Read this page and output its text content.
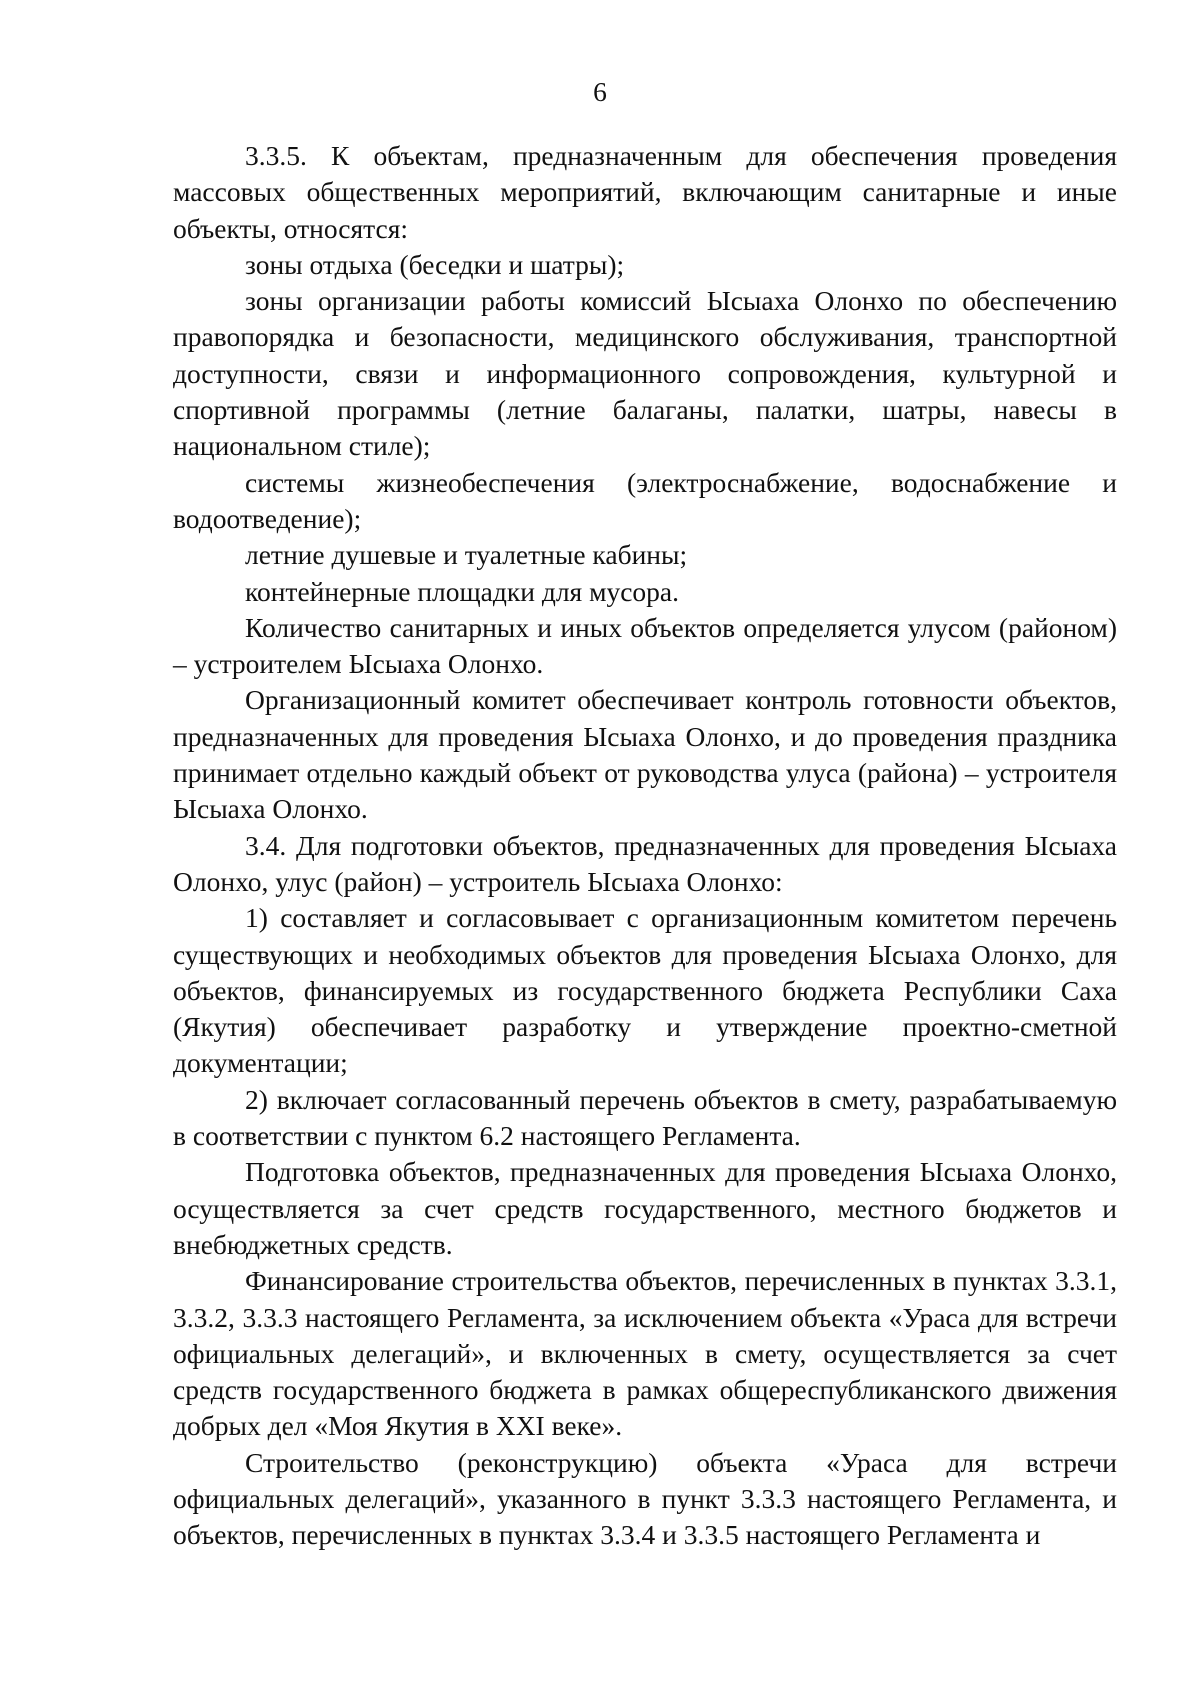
6

3.3.5. К объектам, предназначенным для обеспечения проведения массовых общественных мероприятий, включающим санитарные и иные объекты, относятся:

зоны отдыха (беседки и шатры);

зоны организации работы комиссий Ысыаха Олонхо по обеспечению правопорядка и безопасности, медицинского обслуживания, транспортной доступности, связи и информационного сопровождения, культурной и спортивной программы (летние балаганы, палатки, шатры, навесы в национальном стиле);

системы жизнеобеспечения (электроснабжение, водоснабжение и водоотведение);

летние душевые и туалетные кабины;

контейнерные площадки для мусора.

Количество санитарных и иных объектов определяется улусом (районом) – устроителем Ысыаха Олонхо.

Организационный комитет обеспечивает контроль готовности объектов, предназначенных для проведения Ысыаха Олонхо, и до проведения праздника принимает отдельно каждый объект от руководства улуса (района) – устроителя Ысыаха Олонхо.

3.4. Для подготовки объектов, предназначенных для проведения Ысыаха Олонхо, улус (район) – устроитель Ысыаха Олонхо:

1) составляет и согласовывает с организационным комитетом перечень существующих и необходимых объектов для проведения Ысыаха Олонхо, для объектов, финансируемых из государственного бюджета Республики Саха (Якутия) обеспечивает разработку и утверждение проектно-сметной документации;

2) включает согласованный перечень объектов в смету, разрабатываемую в соответствии с пунктом 6.2 настоящего Регламента.

Подготовка объектов, предназначенных для проведения Ысыаха Олонхо, осуществляется за счет средств государственного, местного бюджетов и внебюджетных средств.

Финансирование строительства объектов, перечисленных в пунктах 3.3.1, 3.3.2, 3.3.3 настоящего Регламента, за исключением объекта «Ураса для встречи официальных делегаций», и включенных в смету, осуществляется за счет средств государственного бюджета в рамках общереспубликанского движения добрых дел «Моя Якутия в XXI веке».

Строительство (реконструкцию) объекта «Ураса для встречи официальных делегаций», указанного в пункт 3.3.3 настоящего Регламента, и объектов, перечисленных в пунктах 3.3.4 и 3.3.5 настоящего Регламента и
